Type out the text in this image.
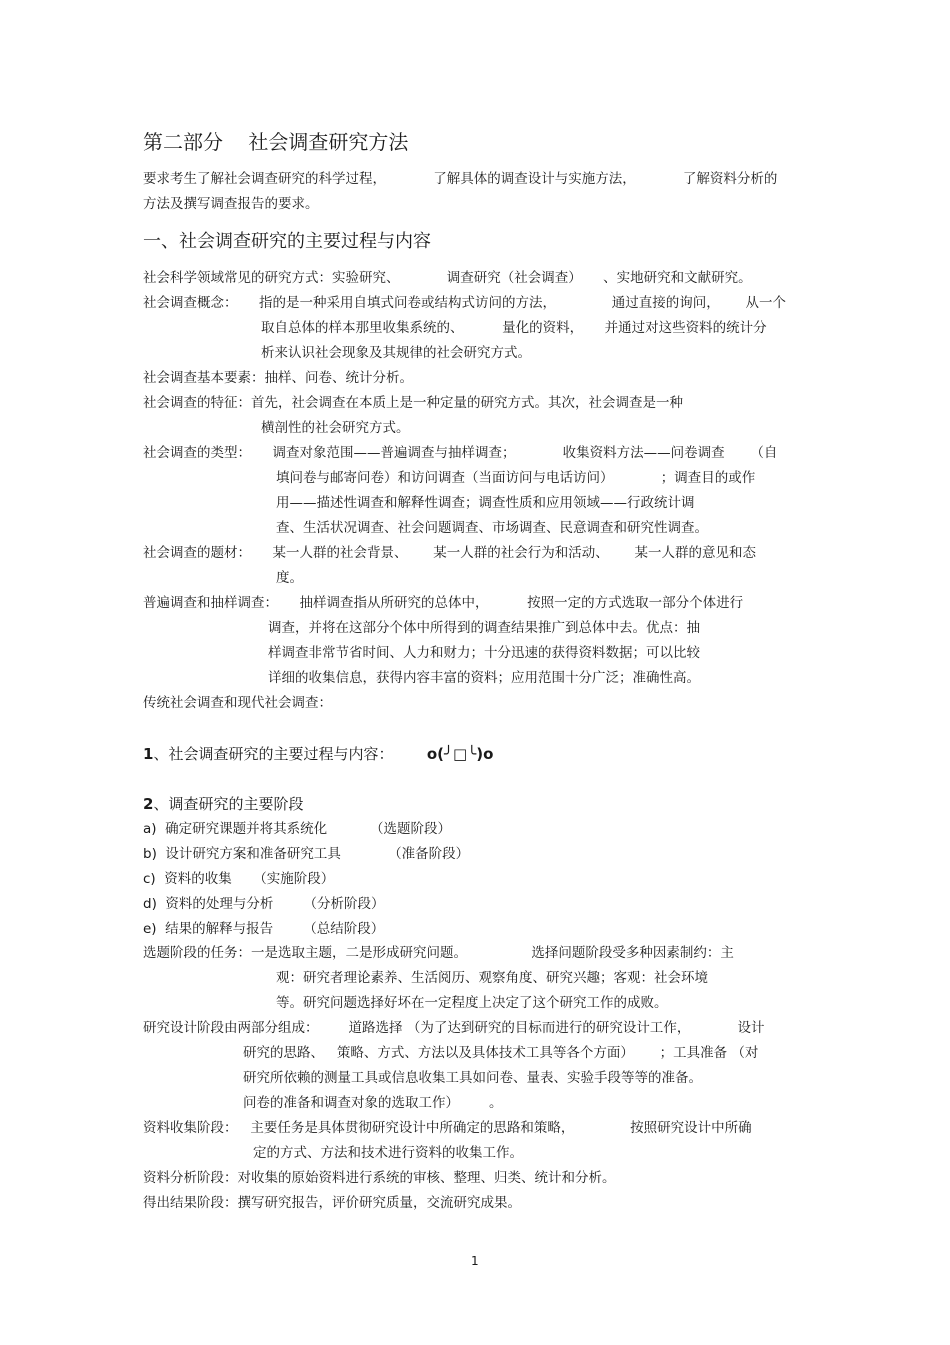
第二部分    社会调查研究方法
要求考生了解社会调查研究的科学过程，           了解具体的调查设计与实施方法，           了解资料分析的
方法及撰写调查报告的要求。
一、社会调查研究的主要过程与内容
社会科学领域常见的研究方式：实验研究、           调查研究（社会调查）     、实地研究和文献研究。
社会调查概念：     指的是一种采用自填式问卷或结构式访问的方法，             通过直接的询问，      从一个
取自总体的样本那里收集系统的、         量化的资料，     并通过对这些资料的统计分
析来认识社会现象及其规律的社会研究方式。
社会调查基本要素：抽样、问卷、统计分析。
社会调查的特征：首先，社会调查在本质上是一种定量的研究方式。其次，社会调查是一种
横剖性的社会研究方式。
社会调查的类型：     调查对象范围——普遍调查与抽样调查；           收集资料方法——问卷调查      （自
填问卷与邮寄问卷）和访问调查（当面访问与电话访问）           ；调查目的或作
用——描述性调查和解释性调查；调查性质和应用领域——行政统计调
查、生活状况调查、社会问题调查、市场调查、民意调查和研究性调查。
社会调查的题材：     某一人群的社会背景、      某一人群的社会行为和活动、      某一人群的意见和态
度。
普遍调查和抽样调查：     抽样调查指从所研究的总体中，         按照一定的方式选取一部分个体进行
调查，并将在这部分个体中所得到的调查结果推广到总体中去。优点：抽
样调查非常节省时间、人力和财力；十分迅速的获得资料数据；可以比较
详细的收集信息，获得内容丰富的资料；应用范围十分广泛；准确性高。
传统社会调查和现代社会调查：
1、社会调查研究的主要过程与内容：       o(╯□╰)o
2、调查研究的主要阶段
a)  确定研究课题并将其系统化          （选题阶段）
b)  设计研究方案和准备研究工具           （准备阶段）
c)  资料的收集     （实施阶段）
d)  资料的处理与分析       （分析阶段）
e)  结果的解释与报告       （总结阶段）
选题阶段的任务：一是选取主题，二是形成研究问题。               选择问题阶段受多种因素制约：主
观：研究者理论素养、生活阅历、观察角度、研究兴趣；客观：社会环境
等。研究问题选择好坏在一定程度上决定了这个研究工作的成败。
研究设计阶段由两部分组成：       道路选择 （为了达到研究的目标而进行的研究设计工作，           设计
研究的思路、   策略、方式、方法以及具体技术工具等各个方面）      ；工具准备 （对
研究所依赖的测量工具或信息收集工具如问卷、量表、实验手段等等的准备。
问卷的准备和调查对象的选取工作）       。
资料收集阶段：   主要任务是具体贯彻研究设计中所确定的思路和策略，             按照研究设计中所确
定的方式、方法和技术进行资料的收集工作。
资料分析阶段：对收集的原始资料进行系统的审核、整理、归类、统计和分析。
得出结果阶段：撰写研究报告，评价研究质量，交流研究成果。
1
